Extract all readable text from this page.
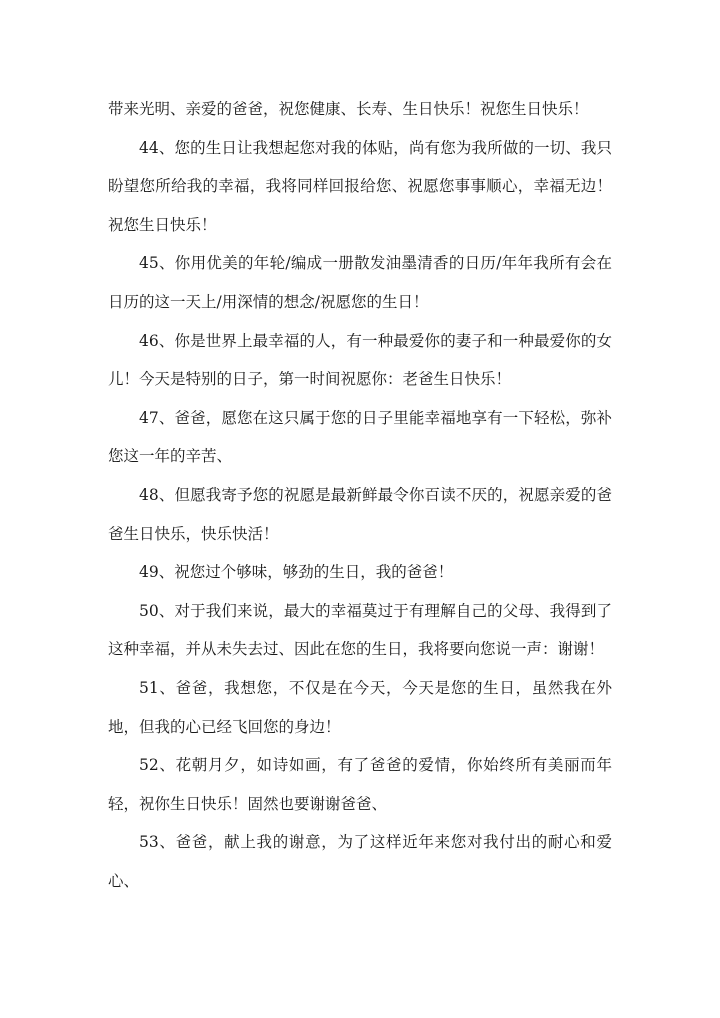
带来光明、亲爱的爸爸，祝您健康、长寿、生日快乐！祝您生日快乐！

44、您的生日让我想起您对我的体贴，尚有您为我所做的一切、我只盼望您所给我的幸福，我将同样回报给您、祝愿您事事顺心，幸福无边！祝您生日快乐！

45、你用优美的年轮/编成一册散发油墨清香的日历/年年我所有会在日历的这一天上/用深情的想念/祝愿您的生日！

46、你是世界上最幸福的人，有一种最爱你的妻子和一种最爱你的女儿！今天是特别的日子，第一时间祝愿你：老爸生日快乐！

47、爸爸，愿您在这只属于您的日子里能幸福地享有一下轻松，弥补您这一年的辛苦、

48、但愿我寄予您的祝愿是最新鲜最令你百读不厌的，祝愿亲爱的爸爸生日快乐，快乐快活！

49、祝您过个够味，够劲的生日，我的爸爸！

50、对于我们来说，最大的幸福莫过于有理解自己的父母、我得到了这种幸福，并从未失去过、因此在您的生日，我将要向您说一声：谢谢！

51、爸爸，我想您，不仅是在今天，今天是您的生日，虽然我在外地，但我的心已经飞回您的身边！

52、花朝月夕，如诗如画，有了爸爸的爱情，你始终所有美丽而年轻，祝你生日快乐！固然也要谢谢爸爸、

53、爸爸，献上我的谢意，为了这样近年来您对我付出的耐心和爱心、
